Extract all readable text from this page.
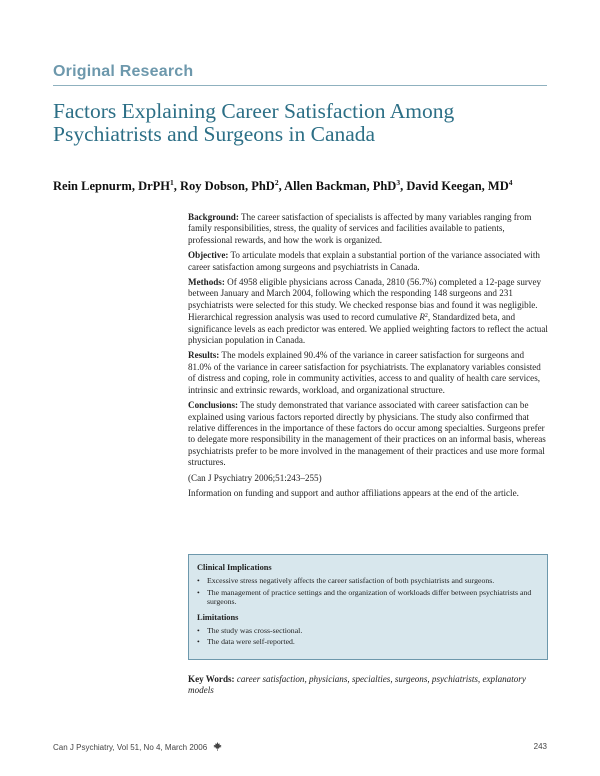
Original Research
Factors Explaining Career Satisfaction Among
Psychiatrists and Surgeons in Canada
Rein Lepnurm, DrPH$^1$, Roy Dobson, PhD$^2$, Allen Backman, PhD$^3$, David Keegan, $MD^4$

Background: The career satisfaction of specialists is affected by many variables ranging from family responsibilities, stress, the quality of services and facilities available to patients, professional rewards, and how the work is organized.

Objective: To articulate models that explain a substantial portion of the variance associated with career satisfaction among surgeons and psychiatrists in Canada.

Methods: Of 4958 eligible physicians across Canada, 2810 (56.7%) completed a 12-page survey between January and March 2004, following which the responding 148 surgeons and 231 psychiatrists were selected for this study. We checked response bias and found it was negligible. Hierarchical regression analysis was used to record cumulative $R^2$, Standardized beta, and significance levels as each predictor was entered. We applied weighting factors to reflect the actual physician population in Canada.

Results: The models explained 90.4% of the variance in career satisfaction for surgeons and 81.0% of the variance in career satisfaction for psychiatrists. The explanatory variables consisted of distress and coping, role in community activities, access to and quality of health care services, intrinsic and extrinsic rewards, workload, and organizational structure.

Conclusions: The study demonstrated that variance associated with career satisfaction can be explained using various factors reported directly by physicians. The study also confirmed that relative differences in the importance of these factors do occur among specialties. Surgeons prefer to delegate more responsibility in the management of their practices on an informal basis, whereas psychiatrists prefer to be more involved in the management of their practices and use more formal structures.

(Can J Psychiatry 2006;51:243–255)

Information on funding and support and author affiliations appears at the end of the article.

Clinical Implications
• Excessive stress negatively affects the career satisfaction of both psychiatrists and surgeons.
• The management of practice settings and the organization of workloads differ between psychiatrists and surgeons.
Limitations
• The study was cross-sectional.
• The data were self-reported.
Key Words: career satisfaction, physicians, specialties, surgeons, psychiatrists, explanatory models
Can J Psychiatry, Vol 51, No 4, March 2006	243
